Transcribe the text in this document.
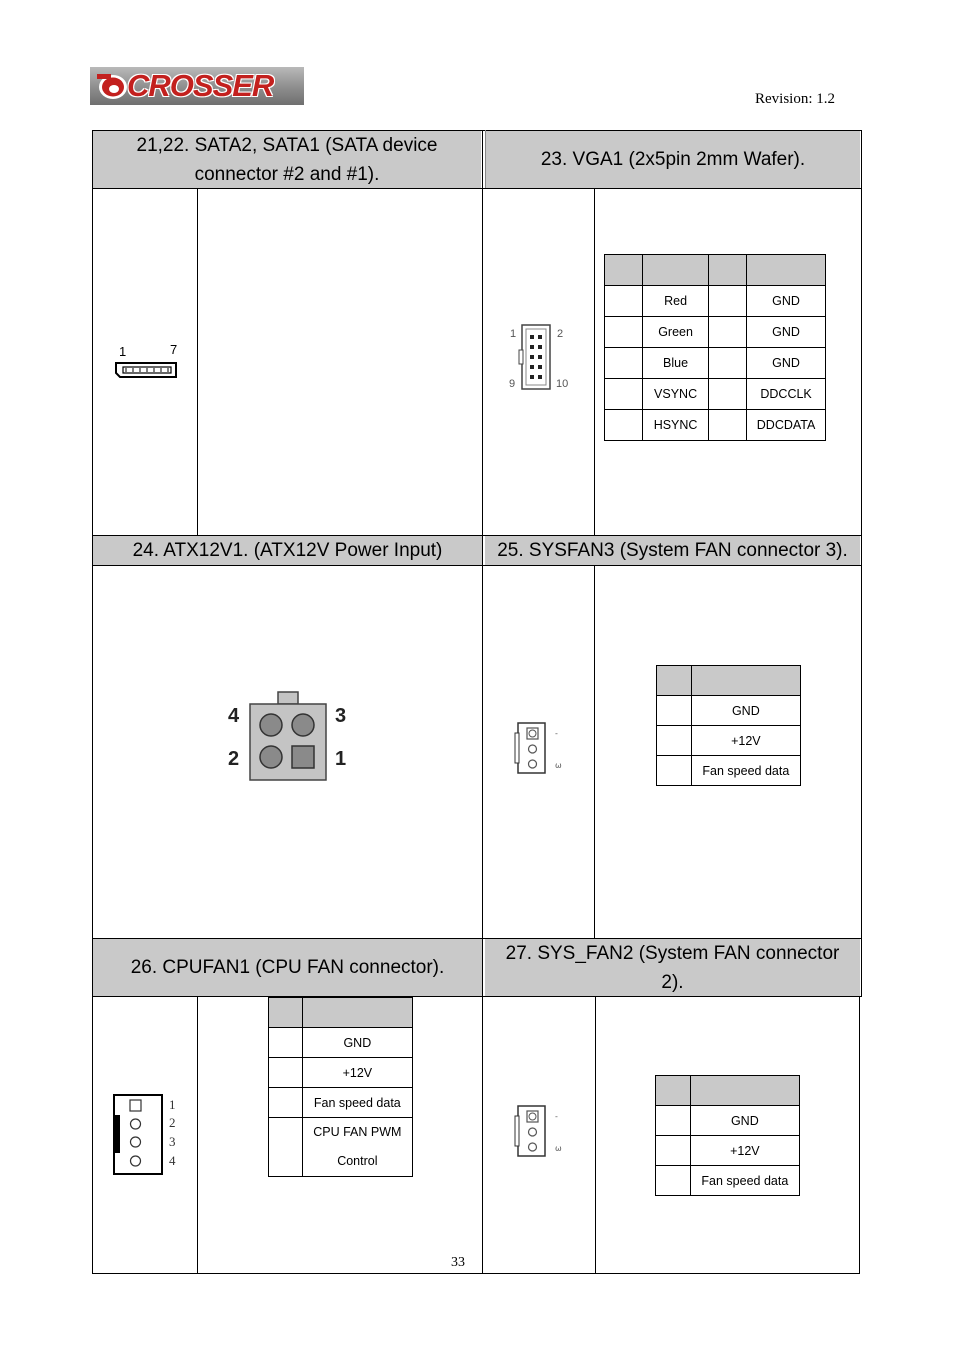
CROSSER	Revision: 1.2
21,22. SATA2, SATA1 (SATA device
connector #2 and #1).
23. VGA1 (2x5pin 2mm Wafer).
24. ATX12V1. (ATX12V Power Input)	25. SYSFAN3 (System FAN connector 3).
26. CPUFAN1 (CPU FAN connector).
27. SYS_FAN2 (System FAN connector
2).
1	7
1	2
9	10

	Red		GND
	Green		GND
	Blue		GND
	VSYNC		DDCCLK
	HSYNC		DDCDATA
4	3
2	1
-
ω

	GND
	+12V
	Fan speed data
1
2
3
4

	GND
	+12V
	Fan speed data

	CPU FAN PWM
Control
-
ω

	GND
	+12V
	Fan speed data
33
